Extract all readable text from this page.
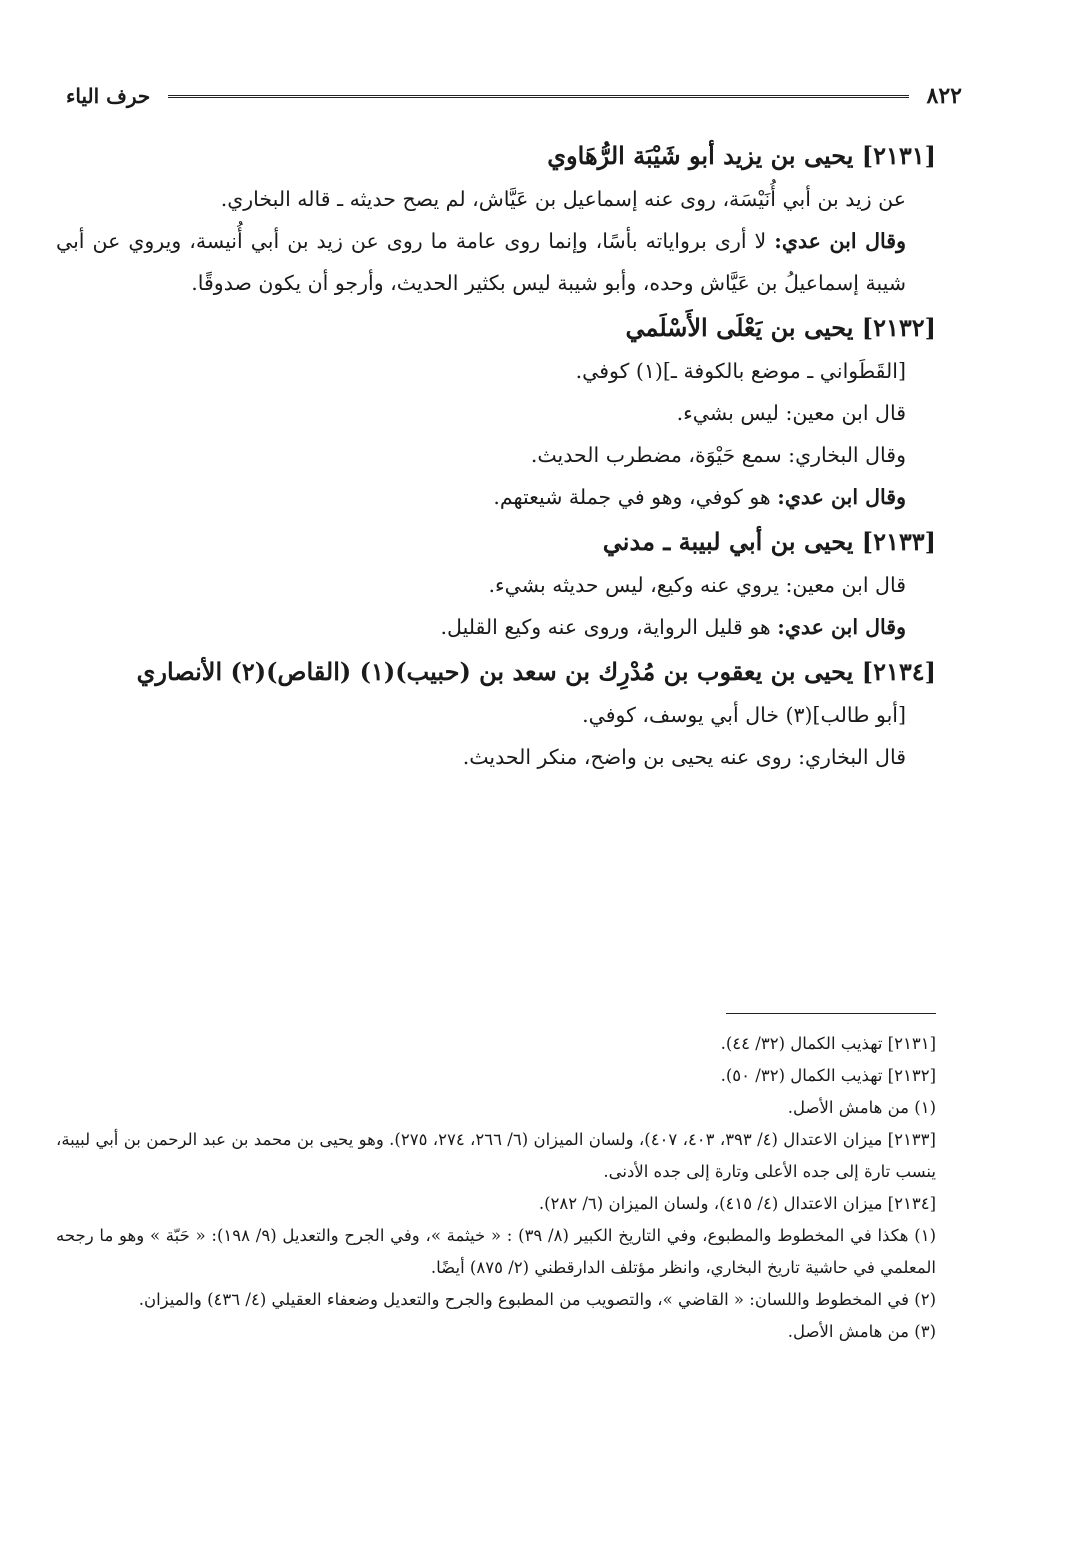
٨٢٢
حرف الياء
[٢١٣١] يحيى بن يزيد أبو شَيْبَة الرُّهَاوي

عن زيد بن أبي أُنَيْسَة، روى عنه إسماعيل بن عَيَّاش، لم يصح حديثه ـ قاله البخاري.

وقال ابن عدي: لا أرى برواياته بأسًا، وإنما روى عامة ما روى عن زيد بن أبي أُنيسة، ويروي عن أبي شيبة إسماعيلُ بن عَيَّاش وحده، وأبو شيبة ليس بكثير الحديث، وأرجو أن يكون صدوقًا.

[٢١٣٢] يحيى بن يَعْلَى الأَسْلَمي

[القَطَواني ـ موضع بالكوفة ـ](١) كوفي.

قال ابن معين: ليس بشيء.

وقال البخاري: سمع حَيْوَة، مضطرب الحديث.

وقال ابن عدي: هو كوفي، وهو في جملة شيعتهم.

[٢١٣٣] يحيى بن أبي لبيبة ـ مدني

قال ابن معين: يروي عنه وكيع، ليس حديثه بشيء.

وقال ابن عدي: هو قليل الرواية، وروى عنه وكيع القليل.

[٢١٣٤] يحيى بن يعقوب بن مُدْرِك بن سعد بن (حبيب)(١) (القاص)(٢) الأنصاري

[أبو طالب](٣) خال أبي يوسف، كوفي.

قال البخاري: روى عنه يحيى بن واضح، منكر الحديث.

[٢١٣١] تهذيب الكمال (٣٢/ ٤٤).

[٢١٣٢] تهذيب الكمال (٣٢/ ٥٠).

(١) من هامش الأصل.

[٢١٣٣] ميزان الاعتدال (٤/ ٣٩٣، ٤٠٣، ٤٠٧)، ولسان الميزان (٦/ ٢٦٦، ٢٧٤، ٢٧٥). وهو يحيى بن محمد بن عبد الرحمن بن أبي لبيبة، ينسب تارة إلى جده الأعلى وتارة إلى جده الأدنى.

[٢١٣٤] ميزان الاعتدال (٤/ ٤١٥)، ولسان الميزان (٦/ ٢٨٢).

(١) هكذا في المخطوط والمطبوع، وفي التاريخ الكبير (٨/ ٣٩) : « خيثمة »، وفي الجرح والتعديل (٩/ ١٩٨): « حَبّة » وهو ما رجحه المعلمي في حاشية تاريخ البخاري، وانظر مؤتلف الدارقطني (٢/ ٨٧٥) أيضًا.

(٢) في المخطوط واللسان: « القاضي »، والتصويب من المطبوع والجرح والتعديل وضعفاء العقيلي (٤/ ٤٣٦) والميزان.

(٣) من هامش الأصل.
